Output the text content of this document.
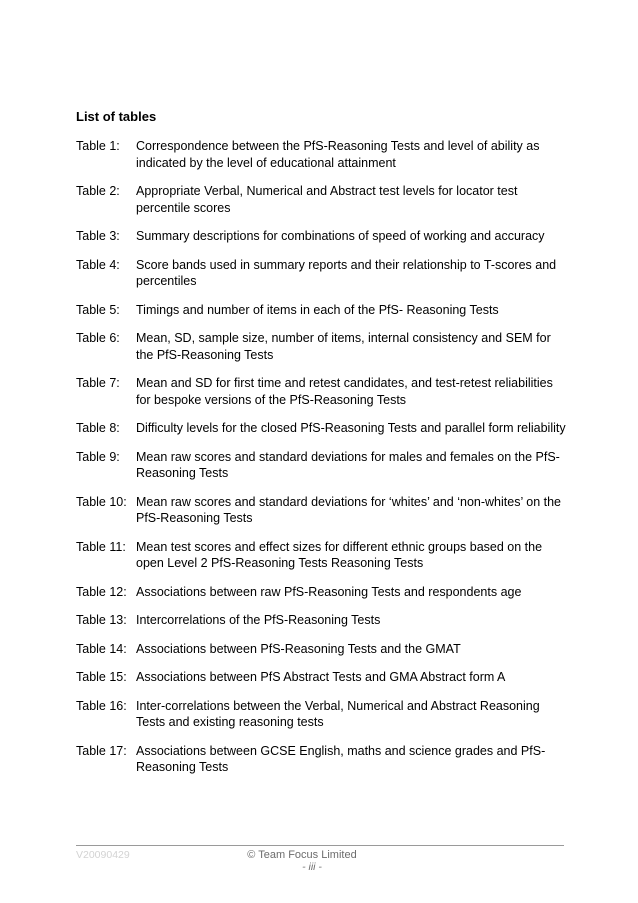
List of tables
Table 1:	Correspondence between the PfS-Reasoning Tests and level of ability as indicated by the level of educational attainment
Table 2:	Appropriate Verbal, Numerical and Abstract test levels for locator test percentile scores
Table 3:	Summary descriptions for combinations of speed of working and accuracy
Table 4:	Score bands used in summary reports and their relationship to T-scores and percentiles
Table 5:	Timings and number of items in each of the PfS- Reasoning Tests
Table 6:	Mean, SD, sample size, number of items, internal consistency and SEM for the PfS-Reasoning Tests
Table 7:	Mean and SD for first time and retest candidates, and test-retest reliabilities for bespoke versions of the PfS-Reasoning Tests
Table 8:	Difficulty levels for the closed PfS-Reasoning Tests and parallel form reliability
Table 9:	Mean raw scores and standard deviations for males and females on the PfS-Reasoning Tests
Table 10: Mean raw scores and standard deviations for ‘whites’ and ‘non-whites’ on the PfS-Reasoning Tests
Table 11: Mean test scores and effect sizes for different ethnic groups based on the open Level 2 PfS-Reasoning Tests Reasoning Tests
Table 12: Associations between raw PfS-Reasoning Tests and respondents age
Table 13: Intercorrelations of the PfS-Reasoning Tests
Table 14: Associations between PfS-Reasoning Tests and the GMAT
Table 15: Associations between PfS Abstract Tests and GMA Abstract form A
Table 16: Inter-correlations between the Verbal, Numerical and Abstract Reasoning Tests and existing reasoning tests
Table 17: Associations between GCSE English, maths and science grades and PfS-Reasoning Tests
V20090429	© Team Focus Limited
- iii -
